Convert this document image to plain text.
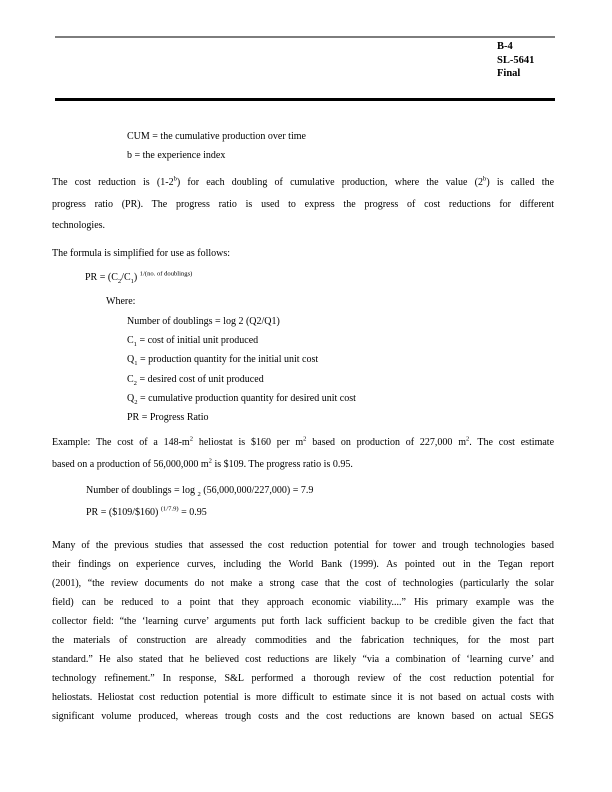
B-4
SL-5641
Final
CUM = the cumulative production over time
b = the experience index
The cost reduction is (1-2$^b$) for each doubling of cumulative production, where the value (2$^b$) is called the
progress ratio (PR). The progress ratio is used to express the progress of cost reductions for different
technologies.
The formula is simplified for use as follows:
PR = $(C_2/C_1)$ $^{1/(no. of doublings)}$
Where:
Number of doublings = log 2 (Q2/Q1)
$C_1 = \cos t$ of initial unit produced
$Q_1$ = production quantity for the initial unit cost
$C_2$ = desired cost of unit produced
$Q_2$ = cumulative production quantity for desired unit cost
PR = Progress Ratio
Example: The cost of a $148-m^2$ heliostat is $160 per $m^2$ based on production of 227,000 $m^2$. The cost estimate
based on a production of 56,000,000 $m^2$ is $109. The progress ratio is 0.95.
Number of doublings = log $_2$ (56,000,000/227,000) = 7.9
PR = ($109/$160) $^{(1/7.9)}$ = 0.95
Many of the previous studies that assessed the cost reduction potential for tower and trough technologies based
their findings on experience curves, including the World Bank (1999). As pointed out in the Tegan report
(2001), “the review documents do not make a strong case that the cost of technologies (particularly the solar
field) can be reduced to a point that they approach economic viability....” His primary example was the
collector field: “the ‘learning curve’ arguments put forth lack sufficient backup to be credible given the fact that
the materials of construction are already commodities and the fabrication techniques, for the most part
standard.” He also stated that he believed cost reductions are likely “via a combination of ‘learning curve’ and
technology refinement.” In response, S&L performed a thorough review of the cost reduction potential for
heliostats. Heliostat cost reduction potential is more difficult to estimate since it is not based on actual costs with
significant volume produced, whereas trough costs and the cost reductions are known based on actual SEGS
